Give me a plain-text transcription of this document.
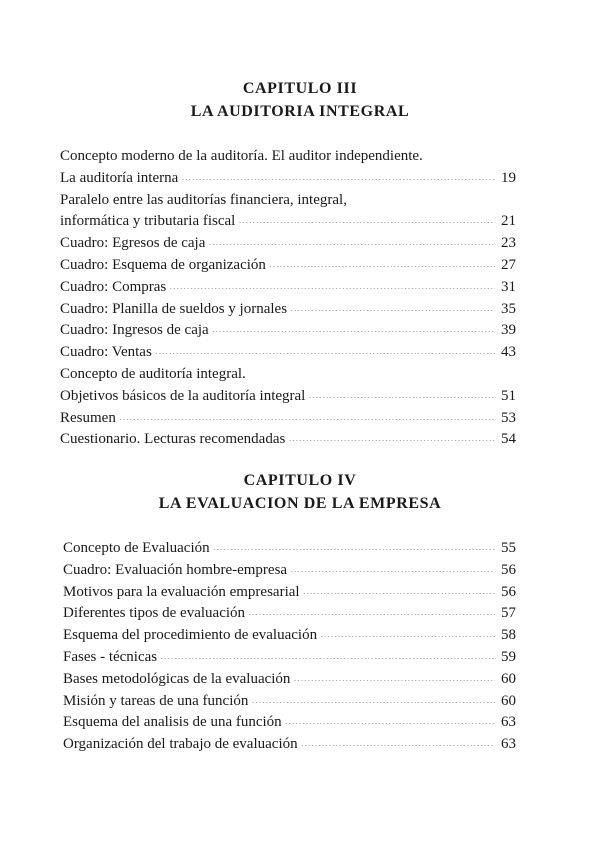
CAPITULO III
LA AUDITORIA INTEGRAL
Concepto moderno de la auditoría. El auditor independiente.
La auditoría interna .....	19
Paralelo entre las auditorías financiera, integral,
informática y tributaria fiscal .....	21
Cuadro: Egresos de caja .....	23
Cuadro: Esquema de organización .....	27
Cuadro: Compras .....	31
Cuadro: Planilla de sueldos y jornales .....	35
Cuadro: Ingresos de caja .....	39
Cuadro: Ventas .....	43
Concepto de auditoría integral.
Objetivos básicos de la auditoría integral .....	51
Resumen .....	53
Cuestionario. Lecturas recomendadas .....	54
CAPITULO IV
LA EVALUACION DE LA EMPRESA
Concepto de Evaluación .....	55
Cuadro: Evaluación hombre-empresa .....	56
Motivos para la evaluación empresarial .....	56
Diferentes tipos de evaluación .....	57
Esquema del procedimiento de evaluación .....	58
Fases - técnicas .....	59
Bases metodológicas de la evaluación .....	60
Misión y tareas de una función .....	60
Esquema del analisis de una función .....	63
Organización del trabajo de evaluación .....	63
